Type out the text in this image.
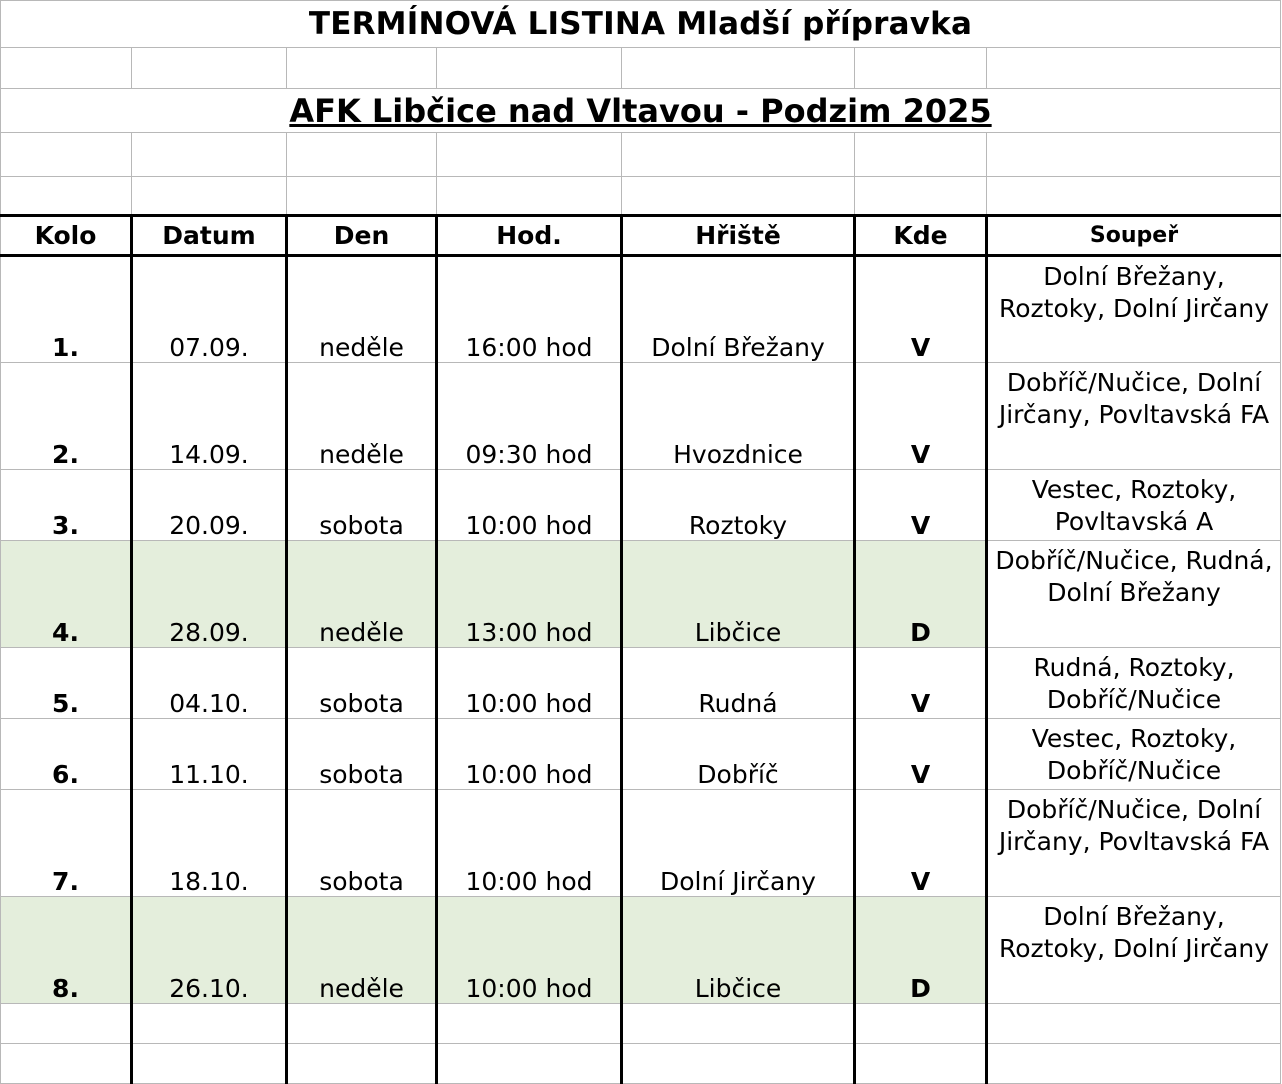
TERMÍNOVÁ LISTINA Mladší přípravka						

AFK Libčice nad Vltavou - Podzim 2025						

Kolo	Datum	Den	Hod.	Hřiště	Kde	Soupeř
1.	07.09.	neděle	16:00 hod	Dolní Břežany	V	Dolní Břežany, Roztoky, Dolní Jirčany
2.	14.09.	neděle	09:30 hod	Hvozdnice	V	Dobříč/Nučice, Dolní Jirčany, Povltavská FA
3.	20.09.	sobota	10:00 hod	Roztoky	V	Vestec, Roztoky, Povltavská A
4.	28.09.	neděle	13:00 hod	Libčice	D	Dobříč/Nučice, Rudná, Dolní Břežany
5.	04.10.	sobota	10:00 hod	Rudná	V	Rudná, Roztoky, Dobříč/Nučice
6.	11.10.	sobota	10:00 hod	Dobříč	V	Vestec, Roztoky, Dobříč/Nučice
7.	18.10.	sobota	10:00 hod	Dolní Jirčany	V	Dobříč/Nučice, Dolní Jirčany, Povltavská FA
8.	26.10.	neděle	10:00 hod	Libčice	D	Dolní Břežany, Roztoky, Dolní Jirčany
